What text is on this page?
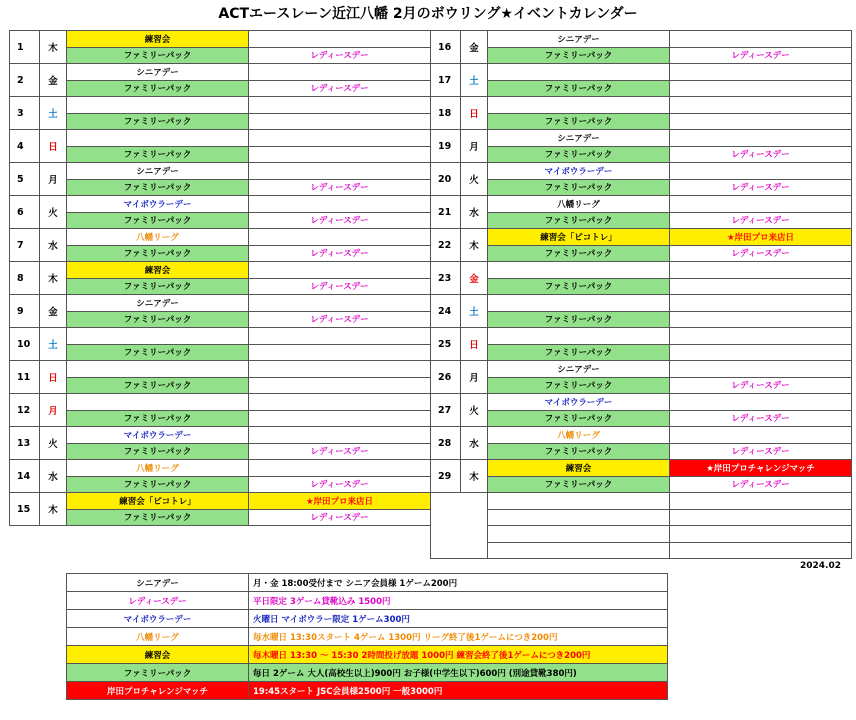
ACTエースレーン近江八幡 2月のボウリング★イベントカレンダー
1	木	練習会	
		ファミリーパック	レディースデー
2	金	シニアデー	
		ファミリーパック	レディースデー
3	土		
		ファミリーパック	
4	日		
		ファミリーパック	
5	月	シニアデー	
		ファミリーパック	レディースデー
6	火	マイボウラーデー	
		ファミリーパック	レディースデー
7	水	八幡リーグ	
		ファミリーパック	レディースデー
8	木	練習会	
		ファミリーパック	レディースデー
9	金	シニアデー	
		ファミリーパック	レディースデー
10	土		
		ファミリーパック	
11	日		
		ファミリーパック	
12	月		
		ファミリーパック	
13	火	マイボウラーデー	
		ファミリーパック	レディースデー
14	水	八幡リーグ	
		ファミリーパック	レディースデー
15	木	練習会「ピコトレ」	★岸田プロ来店日
		ファミリーパック	レディースデー
16	金	シニアデー	
		ファミリーパック	レディースデー
17	土		
		ファミリーパック	
18	日		
		ファミリーパック	
19	月	シニアデー	
		ファミリーパック	レディースデー
20	火	マイボウラーデー	
		ファミリーパック	レディースデー
21	水	八幡リーグ	
		ファミリーパック	レディースデー
22	木	練習会「ピコトレ」	★岸田プロ来店日
		ファミリーパック	レディースデー
23	金		
		ファミリーパック	
24	土		
		ファミリーパック	
25	日		
		ファミリーパック	
26	月	シニアデー	
		ファミリーパック	レディースデー
27	火	マイボウラーデー	
		ファミリーパック	レディースデー
28	水	八幡リーグ	
		ファミリーパック	レディースデー
29	木	練習会	★岸田プロチャレンジマッチ
		ファミリーパック	レディースデー

2024.02
シニアデー	月・金 18:00受付まで シニア会員様 1ゲーム200円
レディースデー	平日限定 3ゲーム貸靴込み 1500円
マイボウラーデー	火曜日 マイボウラー限定 1ゲーム300円
八幡リーグ	毎水曜日 13:30スタート 4ゲーム 1300円 リーグ終了後1ゲームにつき200円
練習会	毎木曜日 13:30 ～ 15:30 2時間投げ放題 1000円 練習会終了後1ゲームにつき200円
ファミリーパック	毎日 2ゲーム 大人(高校生以上)900円 お子様(中学生以下)600円 (別途貸靴380円)
岸田プロチャレンジマッチ	19:45スタート JSC会員様2500円 一般3000円
